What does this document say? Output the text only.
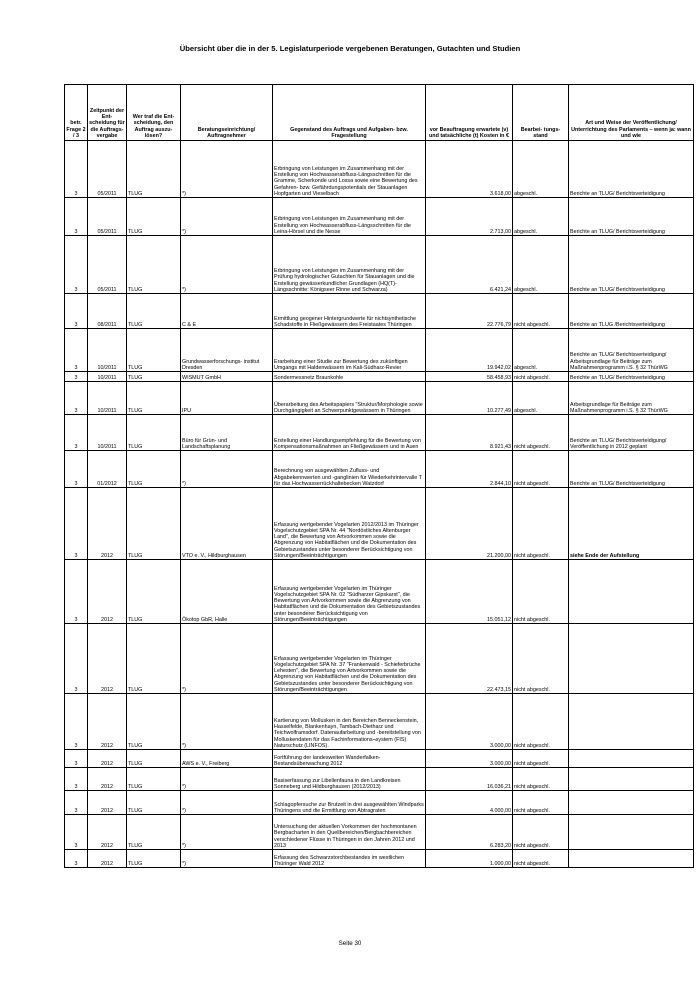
Übersicht über die in der 5. Legislaturperiode vergebenen Beratungen, Gutachten und Studien
betr. Frage 2 / 3	Zeitpunkt der Ent- scheidung für die Auftrags- vergabe	Wer traf die Ent- scheidung, den Auftrag auszu- lösen?	Beratungseinrichtung/ Auftragnehmer	Gegenstand des Auftrags und Aufgaben- bzw. Fragestellung	vor Beauftragung erwartete (v) und tatsächliche (t) Kosten in €	Bearbei- tungs- stand	Art und Weise der Veröffentlichung/ Unterrichtung des Parlaments – wenn ja: wann und wie
3	05/2011	TLUG	*)	Erbringung von Leistungen im Zusammenhang mit der Erstellung von Hochwasserabfluss-Längsschnitten für die Gramme, Scherkonde und Lossa sowie eine Bewertung des Gefahren- bzw. Gefährdungspotentials der Stauanlagen Hopfgarten und Vieselbach	3.618,00	abgeschl.	Berichte an TLUG/ Berichtsverteidigung
3	05/2011	TLUG	*)	Erbringung von Leistungen im Zusammenhang mit der Erstellung von Hochwasserabfluss-Längsschnitten für die Leina-Hörsel und die Nesse	2.713,00	abgeschl.	Berichte an TLUG/ Berichtsverteidigung
3	05/2011	TLUG	*)	Erbringung von Leistungen im Zusammenhang mit der Prüfung hydrologischer Gutachten für Stauanlagen und die Erstellung gewässerkundlicher Grundlagen (HQ(T)-Längsschnitte: Königseer Rinne und Schwarza)	6.421,24	abgeschl.	Berichte an TLUG/ Berichtsverteidigung
3	08/2011	TLUG	C & E	Ermittlung geogener Hintergrundwerte für nichtsynthetische Schadstoffe in Fließgewässern des Freistaates Thüringen	22.776,79	nicht abgeschl.	Berichte an TLUG /Berichtsverteidigung
3	10/2011	TLUG	Grundwasserforschungs- institut Dresden	Erarbeitung einer Studie zur Bewertung des zukünftigen Umgangs mit Haldenwässern im Kali-Südharz-Revier	19.942,02	abgeschl.	Berichte an TLUG/ Berichtsverteidigung/ Arbeitsgrundlage für Beiträge zum Maßnahmenprogramm i.S. § 32 ThürWG
3	10/2011	TLUG	WISMUT GmbH	Sondermessnetz Braunkohle	58.458,93	nicht abgeschl.	Berichte an TLUG/ Berichtsverteidigung
3	10/2011	TLUG	IPU	Überarbeitung des Arbeitspapiers "Struktur/Morphologie sowie Durchgängigkeit an Schwerpunktgewässern in Thüringen	10.277,49	abgeschl.	Arbeitsgrundlage für Beiträge zum Maßnahmenprogramm i.S. § 32 ThürWG
3	10/2011	TLUG	Büro für Grün- und Landschaftsplanung	Erstellung einer Handlungsempfehlung für die Bewertung von Kompensationsmaßnahmen an Fließgewässern und in Auen	8.921,43	nicht abgeschl.	Berichte an TLUG/ Berichtsverteidigung/ Veröffentlichung in 2012 geplant
3	01/2012	TLUG	*)	Berechnung von ausgewählten Zufluss- und Abgabekennwerten und -ganglinien für Wiederkehrintervalle T für das Hochwasserrückhaltebecken Watzdorf	2.844,10	nicht abgeschl.	Berichte an TLUG/ Berichtsverteidigung
3	2012	TLUG	VTO e. V., Hildburghausen	Erfassung wertgebender Vogelarten 2012/2013 im Thüringer Vogelschutzgebiet SPA Nr. 44 "Nordöstliches Altenburger Land", die Bewertung von Artvorkommen sowie die Abgrenzung von Habitatflächen und die Dokumentation des Gebietszustandes unter besonderer Berücksichtigung von Störungen/Beeinträchtigungen	21.200,00	nicht abgeschl.	siehe Ende der Aufstellung
3	2012	TLUG	Ökotop GbR, Halle	Erfassung wertgebender Vogelarten im Thüringer Vogelschutzgebiet SPA Nr. 02 "Südharzer Gipskarst", die Bewertung von Artvorkommen sowie die Abgrenzung von Habitatflächen und die Dokumentation des Gebietszustandes unter besonderer Berücksichtigung von Störungen/Beeinträchtigungen	15.051,12	nicht abgeschl.	
3	2012	TLUG	*)	Erfassung wertgebender Vogelarten im Thüringer Vogelschutzgebiet SPA Nr. 37 "Frankenwald - Schieferbrüche Lehesten", die Bewertung von Artvorkommen sowie die Abgrenzung von Habitatflächen und die Dokumentation des Gebietszustandes unter besonderer Berücksichtigung von Störungen/Beeinträchtigungen	22.473,15	nicht abgeschl.	
3	2012	TLUG	*)	Kartierung von Mollusken in den Bereichen Benneckenstein, Hasselfelde, Blankenhayn, Tambach-Dietharz und Teichwolframsdorf. Datenaufarbeitung und -bereitstellung von Molluskendaten für das Fachinformations¬system (FIS) Naturschutz (LINFOS).	3.000,00	nicht abgeschl.	
3	2012	TLUG	AWS e. V., Freiberg	Fortführung der landesweiten Wanderfalken-Bestandsüberwachung 2012	3.000,00	nicht abgeschl.	
3	2012	TLUG	*)	Basiserfassung zur Libellenfauna in den Landkreisen Sonneberg und Hildburghausen (2012/2013)	16.036,21	nicht abgeschl.	
3	2012	TLUG	*)	Schlagopfersuche zur Brutzeit in drei ausgewählten Windparks Thüringens und die Ermittlung von Abtragraten	4.000,00	nicht abgeschl.	
3	2012	TLUG	*)	Untersuchung der aktuellen Vorkommen der hochmontanen Bergbacharten in den Quellbereichen/Bergbachbereichen verschiedener Flüsse in Thüringen in den Jahren 2012 und 2013	6.283,20	nicht abgeschl.	
3	2012	TLUG	*)	Erfassung des Schwarzstorchbestandes im westlichen Thüringer Wald 2012	1.000,00	nicht abgeschl.	
Seite 30
